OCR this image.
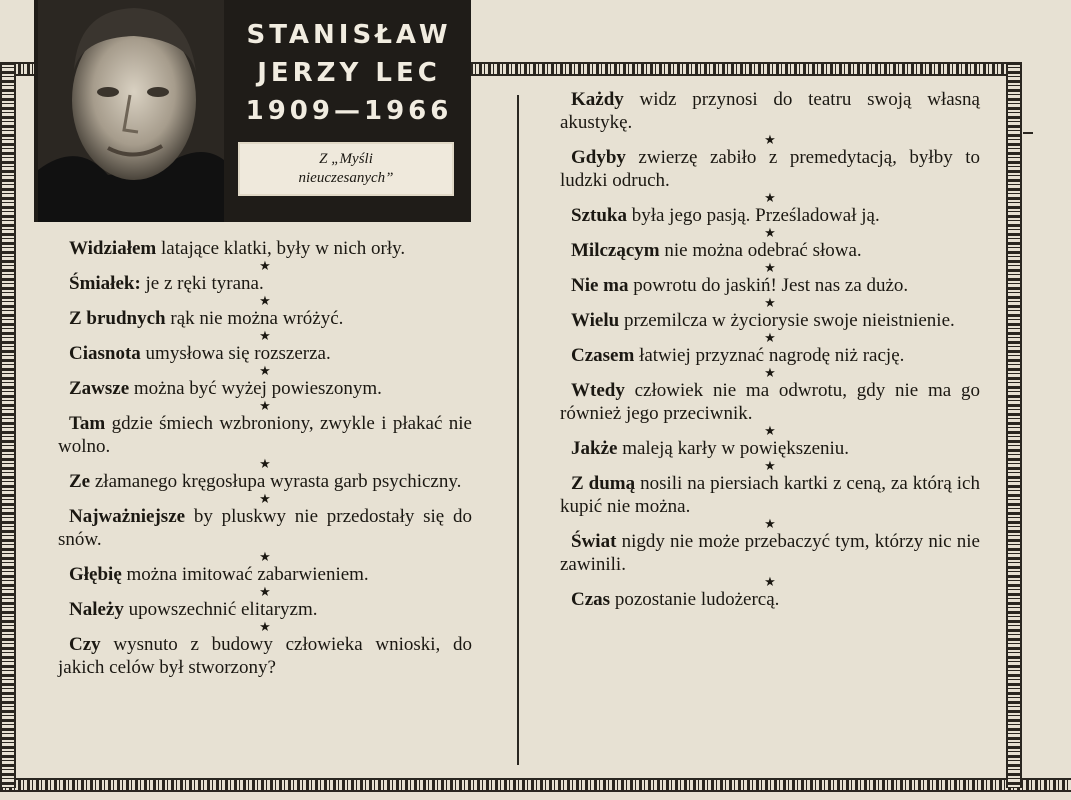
STANISŁAW
JERZY LEC
1909—1966
Z „Myśli
nieuczesanych”

Widziałem latające klatki, były w nich orły.

★

Śmiałek: je z ręki tyrana.

★

Z brudnych rąk nie można wróżyć.

★

Ciasnota umysłowa się rozszerza.

★

Zawsze można być wyżej powieszonym.

★

Tam gdzie śmiech wzbroniony, zwykle i płakać nie wolno.

★

Ze złamanego kręgosłupa wyrasta garb psychiczny.

★

Najważniejsze by pluskwy nie przedostały się do snów.

★

Głębię można imitować zabarwieniem.

★

Należy upowszechnić elitaryzm.

★

Czy wysnuto z budowy człowieka wnioski, do jakich celów był stworzony?

Każdy widz przynosi do teatru swoją własną akustykę.

★

Gdyby zwierzę zabiło z premedytacją, byłby to ludzki odruch.

★

Sztuka była jego pasją. Prześladował ją.

★

Milczącym nie można odebrać słowa.

★

Nie ma powrotu do jaskiń! Jest nas za dużo.

★

Wielu przemilcza w życiorysie swoje nieistnienie.

★

Czasem łatwiej przyznać nagrodę niż rację.

★

Wtedy człowiek nie ma odwrotu, gdy nie ma go również jego przeciwnik.

★

Jakże maleją karły w powiększeniu.

★

Z dumą nosili na piersiach kartki z ceną, za którą ich kupić nie można.

★

Świat nigdy nie może przebaczyć tym, którzy nic nie zawinili.

★

Czas pozostanie ludożercą.
